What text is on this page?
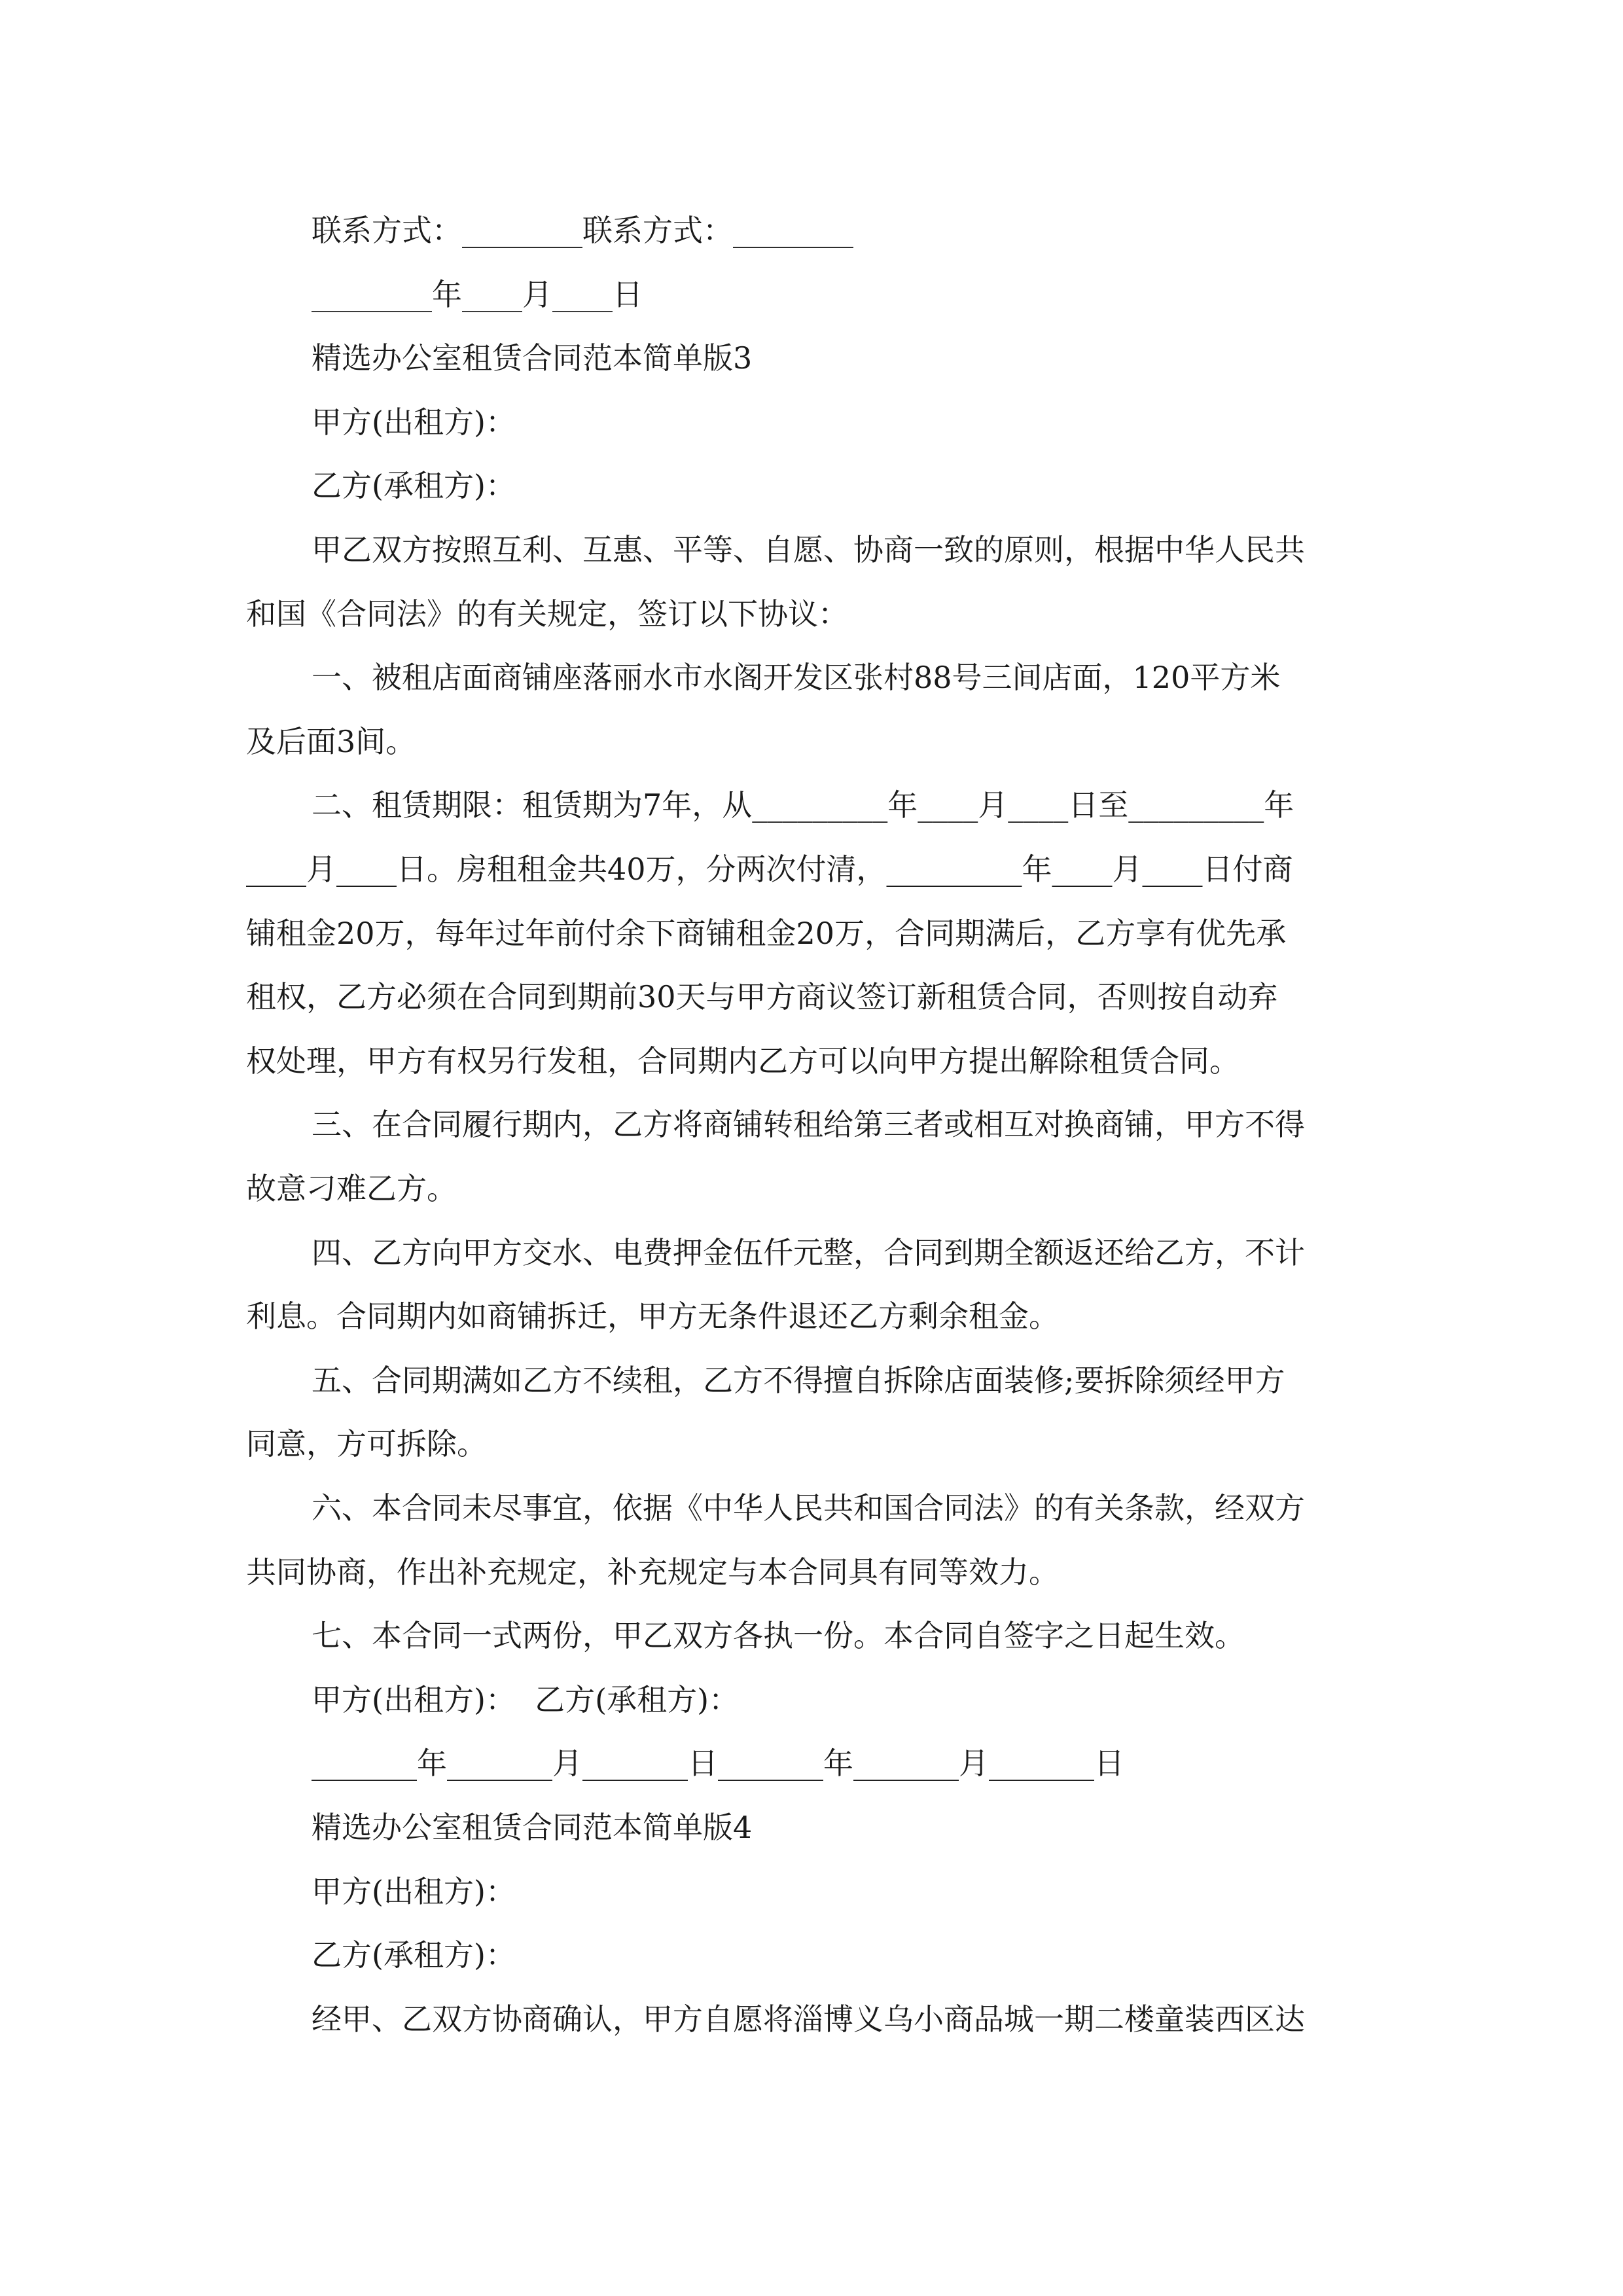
联系方式：________联系方式：________
________年____月____日
精选办公室租赁合同范本简单版3
甲方(出租方)：
乙方(承租方)：
甲乙双方按照互利、互惠、平等、自愿、协商一致的原则，根据中华人民共
和国《合同法》的有关规定，签订以下协议：
一、被租店面商铺座落丽水市水阁开发区张村88号三间店面，120平方米
及后面3间。
二、租赁期限：租赁期为7年，从_________年____月____日至_________年
____月____日。房租租金共40万，分两次付清，_________年____月____日付商
铺租金20万，每年过年前付余下商铺租金20万，合同期满后，乙方享有优先承
租权，乙方必须在合同到期前30天与甲方商议签订新租赁合同，否则按自动弃
权处理，甲方有权另行发租，合同期内乙方可以向甲方提出解除租赁合同。
三、在合同履行期内，乙方将商铺转租给第三者或相互对换商铺，甲方不得
故意刁难乙方。
四、乙方向甲方交水、电费押金伍仟元整，合同到期全额返还给乙方，不计
利息。合同期内如商铺拆迁，甲方无条件退还乙方剩余租金。
五、合同期满如乙方不续租，乙方不得擅自拆除店面装修;要拆除须经甲方
同意，方可拆除。
六、本合同未尽事宜，依据《中华人民共和国合同法》的有关条款，经双方
共同协商，作出补充规定，补充规定与本合同具有同等效力。
七、本合同一式两份，甲乙双方各执一份。本合同自签字之日起生效。
甲方(出租方)：  乙方(承租方)：
_______年_______月_______日_______年_______月_______日
精选办公室租赁合同范本简单版4
甲方(出租方)：
乙方(承租方)：
经甲、乙双方协商确认，甲方自愿将淄博义乌小商品城一期二楼童装西区达
